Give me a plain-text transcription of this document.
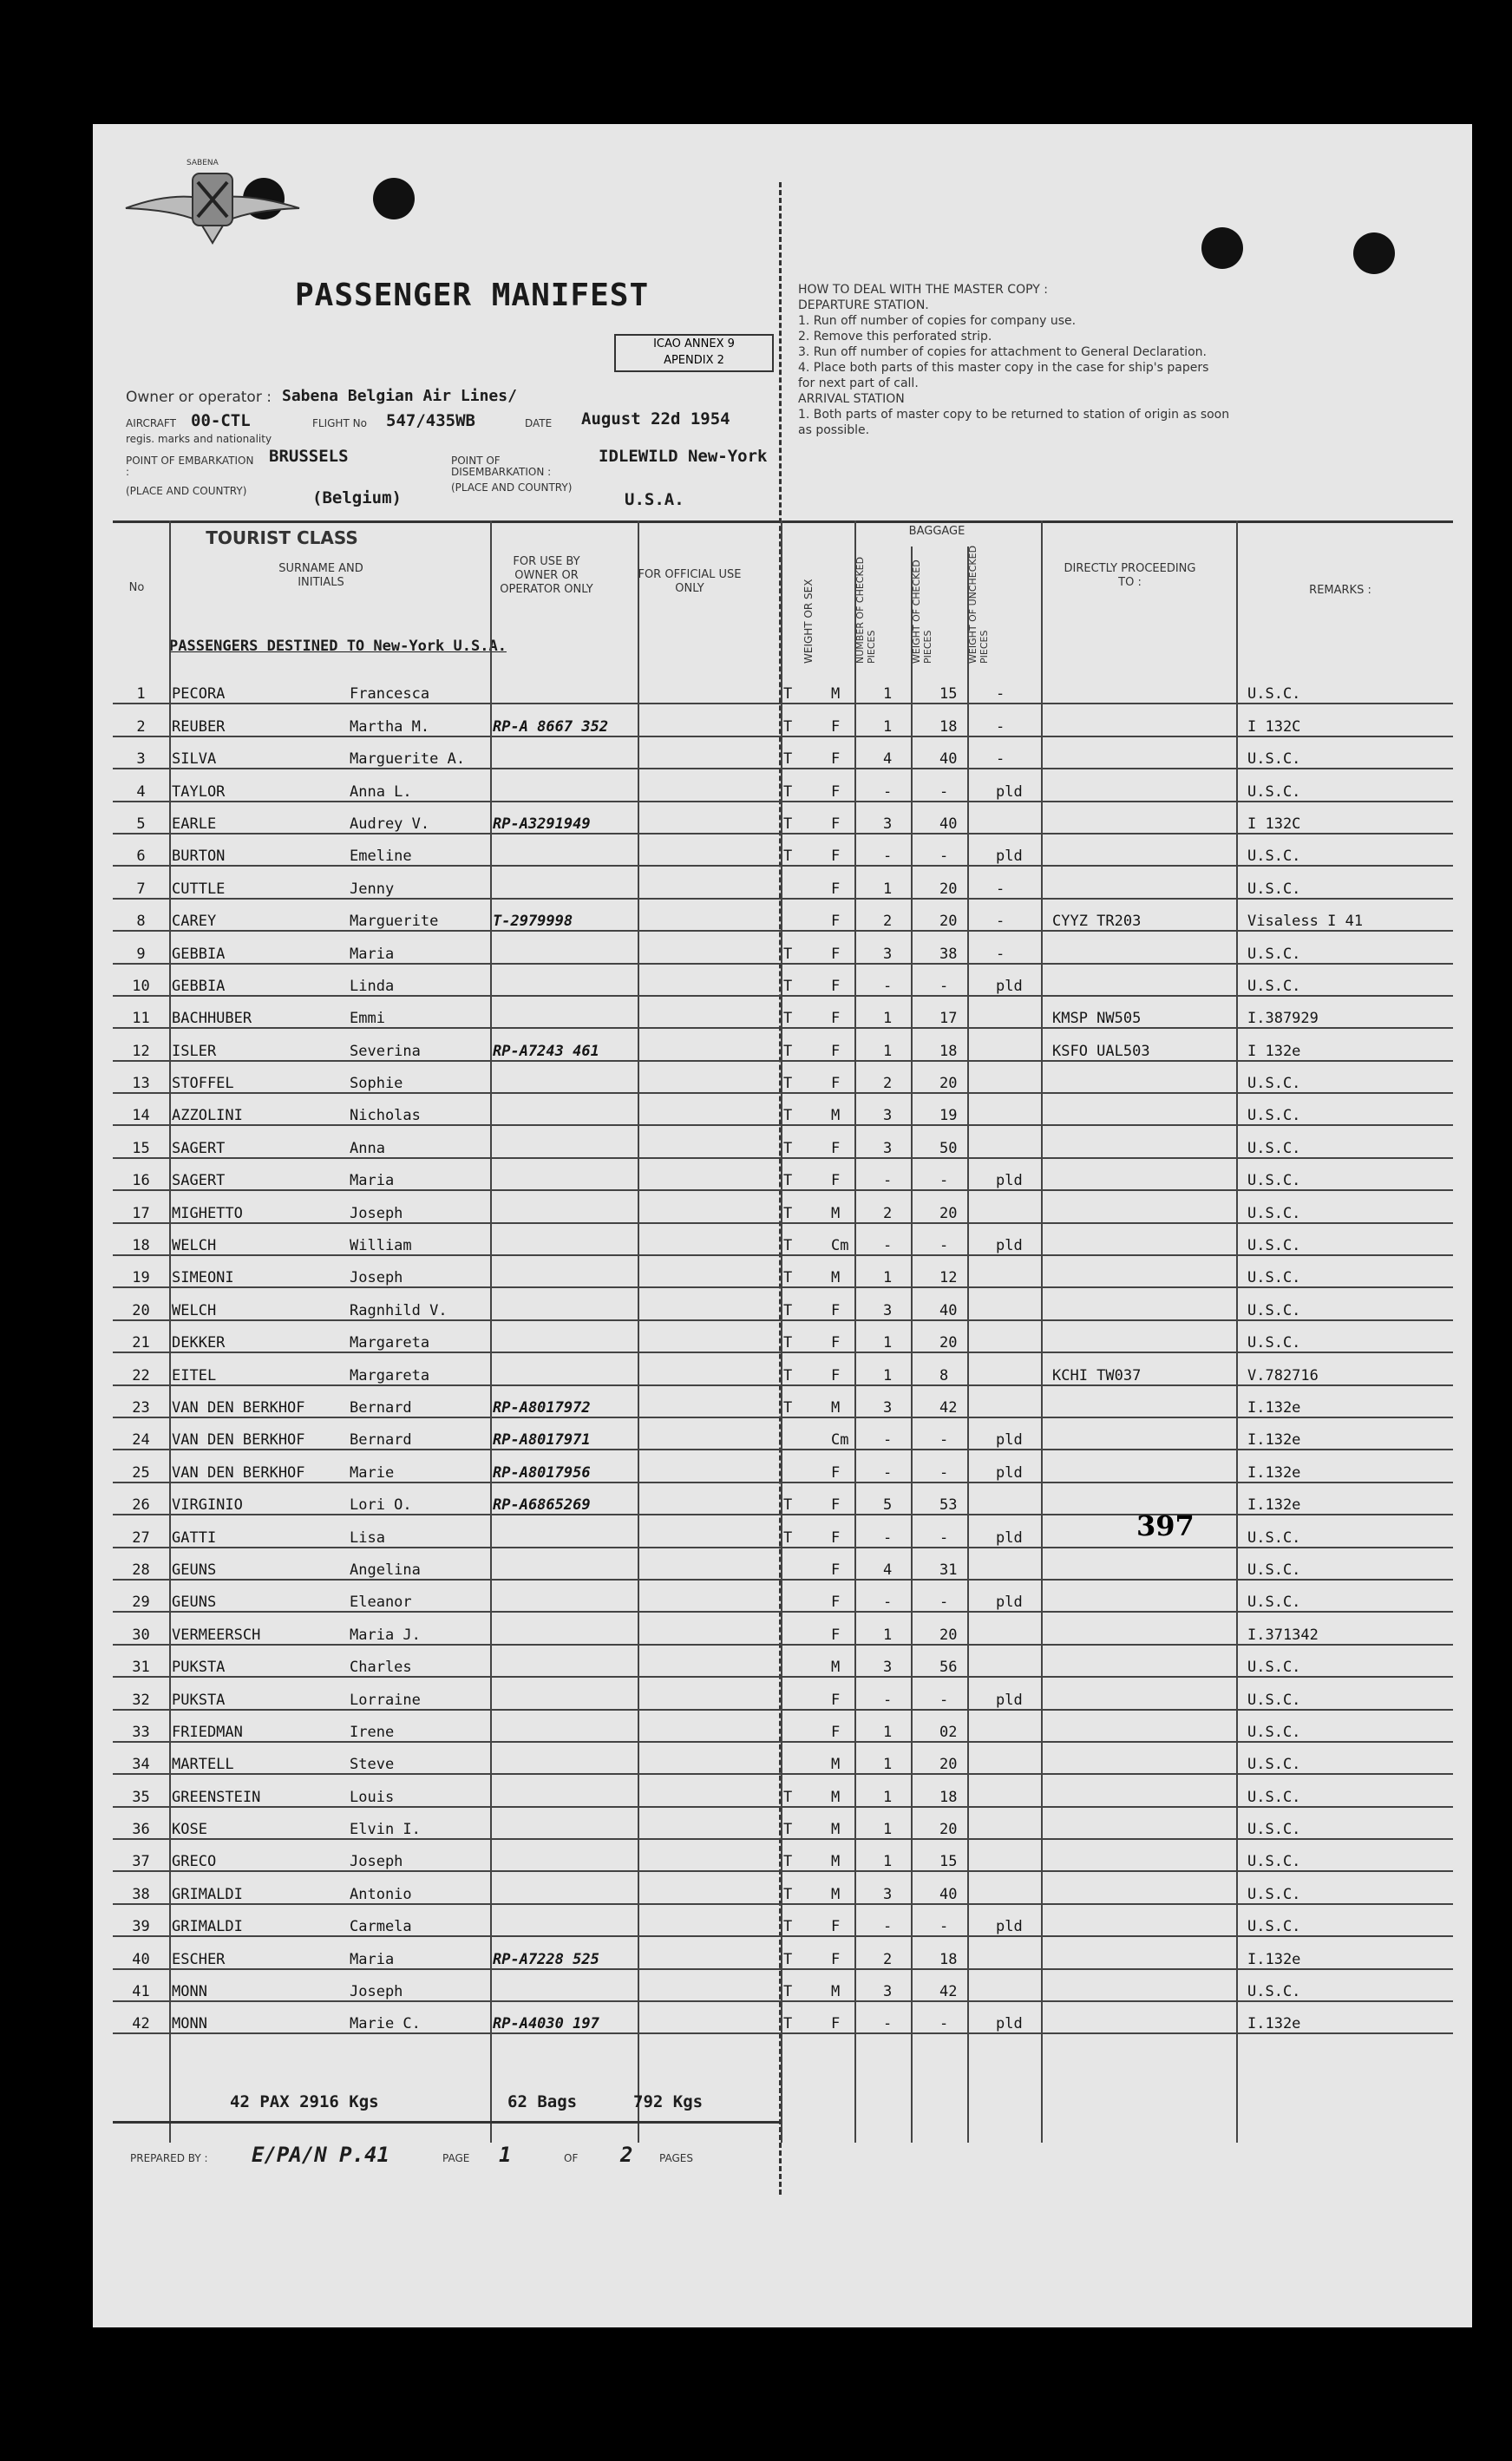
SABENA
PASSENGER MANIFEST
ICAO ANNEX 9
APENDIX 2
HOW TO DEAL WITH THE MASTER COPY :
DEPARTURE STATION.
1. Run off number of copies for company use.
2. Remove this perforated strip.
3. Run off number of copies for attachment to General Declaration.
4. Place both parts of this master copy in the case for ship's papers
for next part of call.
ARRIVAL STATION
1. Both parts of master copy to be returned to station of origin as soon
as possible.
Owner or operator : Sabena Belgian Air Lines/
AIRCRAFT 00-CTL	FLIGHT No 547/435WB	DATE August 22d 1954
regis. marks and nationality
POINT OF EMBARKATION :
(PLACE AND COUNTRY)
BRUSSELS
(Belgium)
POINT OF DISEMBARKATION :
(PLACE AND COUNTRY)
IDLEWILD New-York
U.S.A.
No
TOURIST CLASS
SURNAME AND INITIALS
FOR USE BY OWNER OR OPERATOR ONLY
FOR OFFICIAL USE ONLY
BAGGAGE
WEIGHT OR SEX	NUMBER OF CHECKED PIECES	WEIGHT OF CHECKED PIECES	WEIGHT OF UNCHECKED PIECES
DIRECTLY PROCEEDING TO :
REMARKS :
PASSENGERS DESTINED TO New-York U.S.A.
1	PECORA	Francesca			T	M	1	15	-		U.S.C.
2	REUBER	Martha M.	RP-A 8667 352		T	F	1	18	-		I 132C
3	SILVA	Marguerite A.			T	F	4	40	-		U.S.C.
4	TAYLOR	Anna L.			T	F	-	-	pld		U.S.C.
5	EARLE	Audrey V.	RP-A3291949		T	F	3	40			I 132C
6	BURTON	Emeline			T	F	-	-	pld		U.S.C.
7	CUTTLE	Jenny				F	1	20	-		U.S.C.
8	CAREY	Marguerite	T-2979998			F	2	20	-	CYYZ TR203	Visaless I 41
9	GEBBIA	Maria			T	F	3	38	-		U.S.C.
10	GEBBIA	Linda			T	F	-	-	pld		U.S.C.
11	BACHHUBER	Emmi			T	F	1	17		KMSP NW505	I.387929
12	ISLER	Severina	RP-A7243 461		T	F	1	18		KSFO UAL503	I 132e
13	STOFFEL	Sophie			T	F	2	20			U.S.C.
14	AZZOLINI	Nicholas			T	M	3	19			U.S.C.
15	SAGERT	Anna			T	F	3	50			U.S.C.
16	SAGERT	Maria			T	F	-	-	pld		U.S.C.
17	MIGHETTO	Joseph			T	M	2	20			U.S.C.
18	WELCH	William			T	Cm	-	-	pld		U.S.C.
19	SIMEONI	Joseph			T	M	1	12			U.S.C.
20	WELCH	Ragnhild V.			T	F	3	40			U.S.C.
21	DEKKER	Margareta			T	F	1	20			U.S.C.
22	EITEL	Margareta			T	F	1	8		KCHI TW037	V.782716
23	VAN DEN BERKHOF	Bernard	RP-A8017972		T	M	3	42			I.132e
24	VAN DEN BERKHOF	Bernard	RP-A8017971			Cm	-	-	pld		I.132e
25	VAN DEN BERKHOF	Marie	RP-A8017956			F	-	-	pld		I.132e
26	VIRGINIO	Lori O.	RP-A6865269		T	F	5	53			I.132e
27	GATTI	Lisa			T	F	-	-	pld		U.S.C.
28	GEUNS	Angelina				F	4	31			U.S.C.
29	GEUNS	Eleanor				F	-	-	pld		U.S.C.
30	VERMEERSCH	Maria J.				F	1	20			I.371342
31	PUKSTA	Charles				M	3	56			U.S.C.
32	PUKSTA	Lorraine				F	-	-	pld		U.S.C.
33	FRIEDMAN	Irene				F	1	02			U.S.C.
34	MARTELL	Steve				M	1	20			U.S.C.
35	GREENSTEIN	Louis			T	M	1	18			U.S.C.
36	KOSE	Elvin I.			T	M	1	20			U.S.C.
37	GRECO	Joseph			T	M	1	15			U.S.C.
38	GRIMALDI	Antonio			T	M	3	40			U.S.C.
39	GRIMALDI	Carmela			T	F	-	-	pld		U.S.C.
40	ESCHER	Maria	RP-A7228 525		T	F	2	18			I.132e
41	MONN	Joseph			T	M	3	42			U.S.C.
42	MONN	Marie C.	RP-A4030 197		T	F	-	-	pld		I.132e
397
42 PAX 2916 Kgs	62 Bags	792 Kgs
PREPARED BY : E/PA/N P.41	PAGE 1	OF 2	PAGES
